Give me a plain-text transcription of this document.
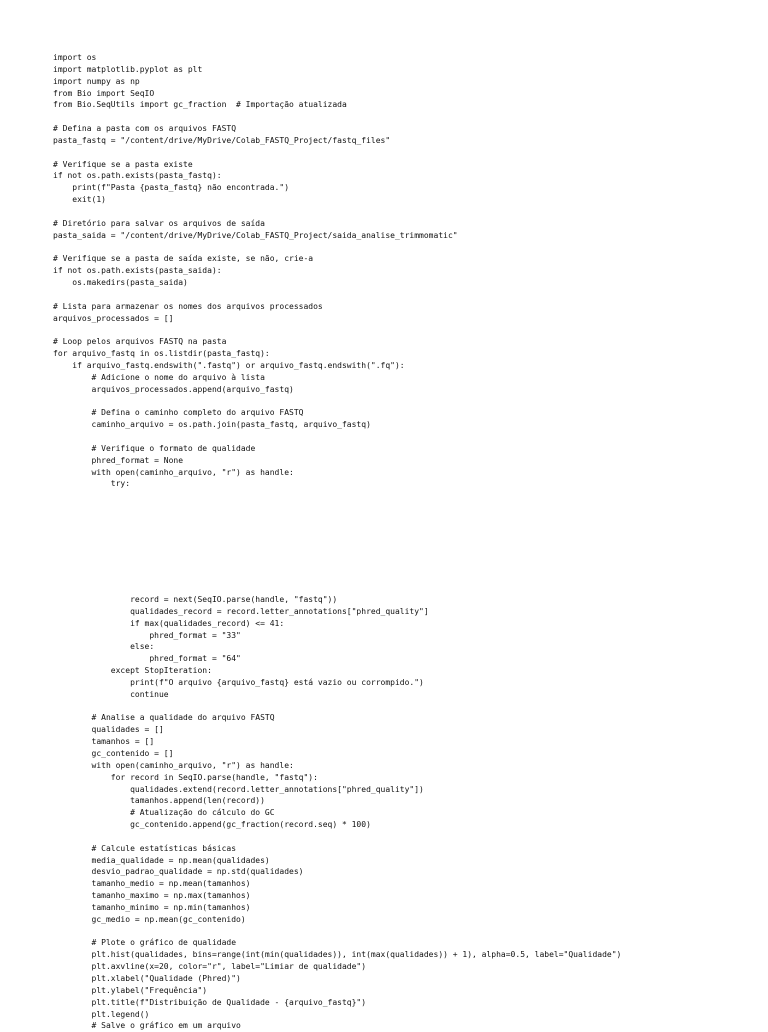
import os
import matplotlib.pyplot as plt
import numpy as np
from Bio import SeqIO
from Bio.SeqUtils import gc_fraction  # Importação atualizada
# Defina a pasta com os arquivos FASTQ
pasta_fastq = "/content/drive/MyDrive/Colab_FASTQ_Project/fastq_files"
# Verifique se a pasta existe
if not os.path.exists(pasta_fastq):
print(f"Pasta {pasta_fastq} não encontrada.")
exit(1)
# Diretório para salvar os arquivos de saída
pasta_saida = "/content/drive/MyDrive/Colab_FASTQ_Project/saida_analise_trimmomatic"
# Verifique se a pasta de saída existe, se não, crie-a
if not os.path.exists(pasta_saida):
os.makedirs(pasta_saida)
# Lista para armazenar os nomes dos arquivos processados
arquivos_processados = []
# Loop pelos arquivos FASTQ na pasta
for arquivo_fastq in os.listdir(pasta_fastq):
if arquivo_fastq.endswith(".fastq") or arquivo_fastq.endswith(".fq"):
# Adicione o nome do arquivo à lista
arquivos_processados.append(arquivo_fastq)
# Defina o caminho completo do arquivo FASTQ
caminho_arquivo = os.path.join(pasta_fastq, arquivo_fastq)
# Verifique o formato de qualidade
phred_format = None
with open(caminho_arquivo, "r") as handle:
try:
record = next(SeqIO.parse(handle, "fastq"))
qualidades_record = record.letter_annotations["phred_quality"]
if max(qualidades_record) <= 41:
phred_format = "33"
else:
phred_format = "64"
except StopIteration:
print(f"O arquivo {arquivo_fastq} está vazio ou corrompido.")
continue
# Analise a qualidade do arquivo FASTQ
qualidades = []
tamanhos = []
gc_contenido = []
with open(caminho_arquivo, "r") as handle:
for record in SeqIO.parse(handle, "fastq"):
qualidades.extend(record.letter_annotations["phred_quality"])
tamanhos.append(len(record))
# Atualização do cálculo do GC
gc_contenido.append(gc_fraction(record.seq) * 100)
# Calcule estatísticas básicas
media_qualidade = np.mean(qualidades)
desvio_padrao_qualidade = np.std(qualidades)
tamanho_medio = np.mean(tamanhos)
tamanho_maximo = np.max(tamanhos)
tamanho_minimo = np.min(tamanhos)
gc_medio = np.mean(gc_contenido)
# Plote o gráfico de qualidade
plt.hist(qualidades, bins=range(int(min(qualidades)), int(max(qualidades)) + 1), alpha=0.5, label="Qualidade")
plt.axvline(x=20, color="r", label="Limiar de qualidade")
plt.xlabel("Qualidade (Phred)")
plt.ylabel("Frequência")
plt.title(f"Distribuição de Qualidade - {arquivo_fastq}")
plt.legend()
# Salve o gráfico em um arquivo
